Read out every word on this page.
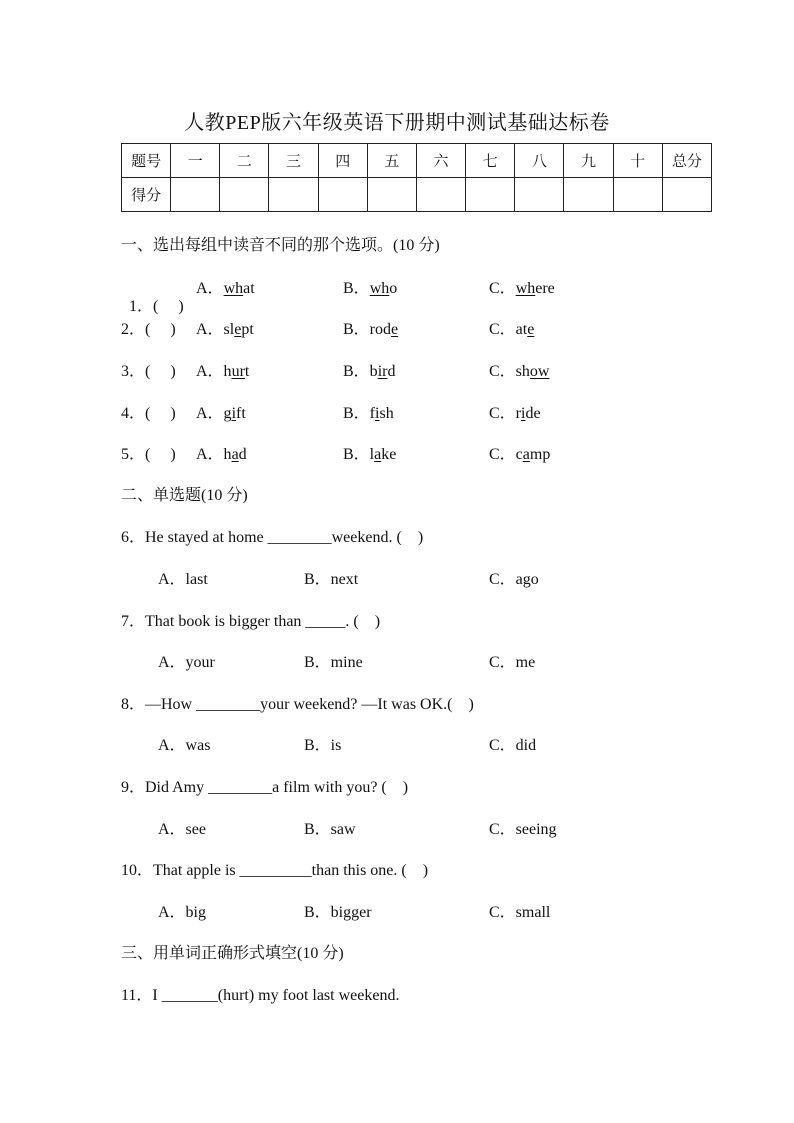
人教PEP版六年级英语下册期中测试基础达标卷
题号	一	二	三	四	五	六	七	八	九	十	总分
得分											
一、选出每组中读音不同的那个选项。(10 分)

1．(　 )

A．what	B．who	C．where
2．(　 ) A．slept	B．rode	C．ate
3．(　 ) A．hurt	B．bird	C．show
4．(　 ) A．gift	B．fish	C．ride
5．(　 ) A．had	B．lake	C．camp
二、单选题(10 分)
6．He stayed at home ________weekend. (　)
A．last	B．next	C．ago
7．That book is bigger than _____. (　)
A．your	B．mine	C．me
8．—How ________your weekend? —It was OK.(　)
A．was	B．is	C．did
9．Did Amy ________a film with you? (　)
A．see	B．saw	C．seeing
10．That apple is _________than this one. (　)
A．big	B．bigger	C．small
三、用单词正确形式填空(10 分)
11．I _______(hurt) my foot last weekend.
